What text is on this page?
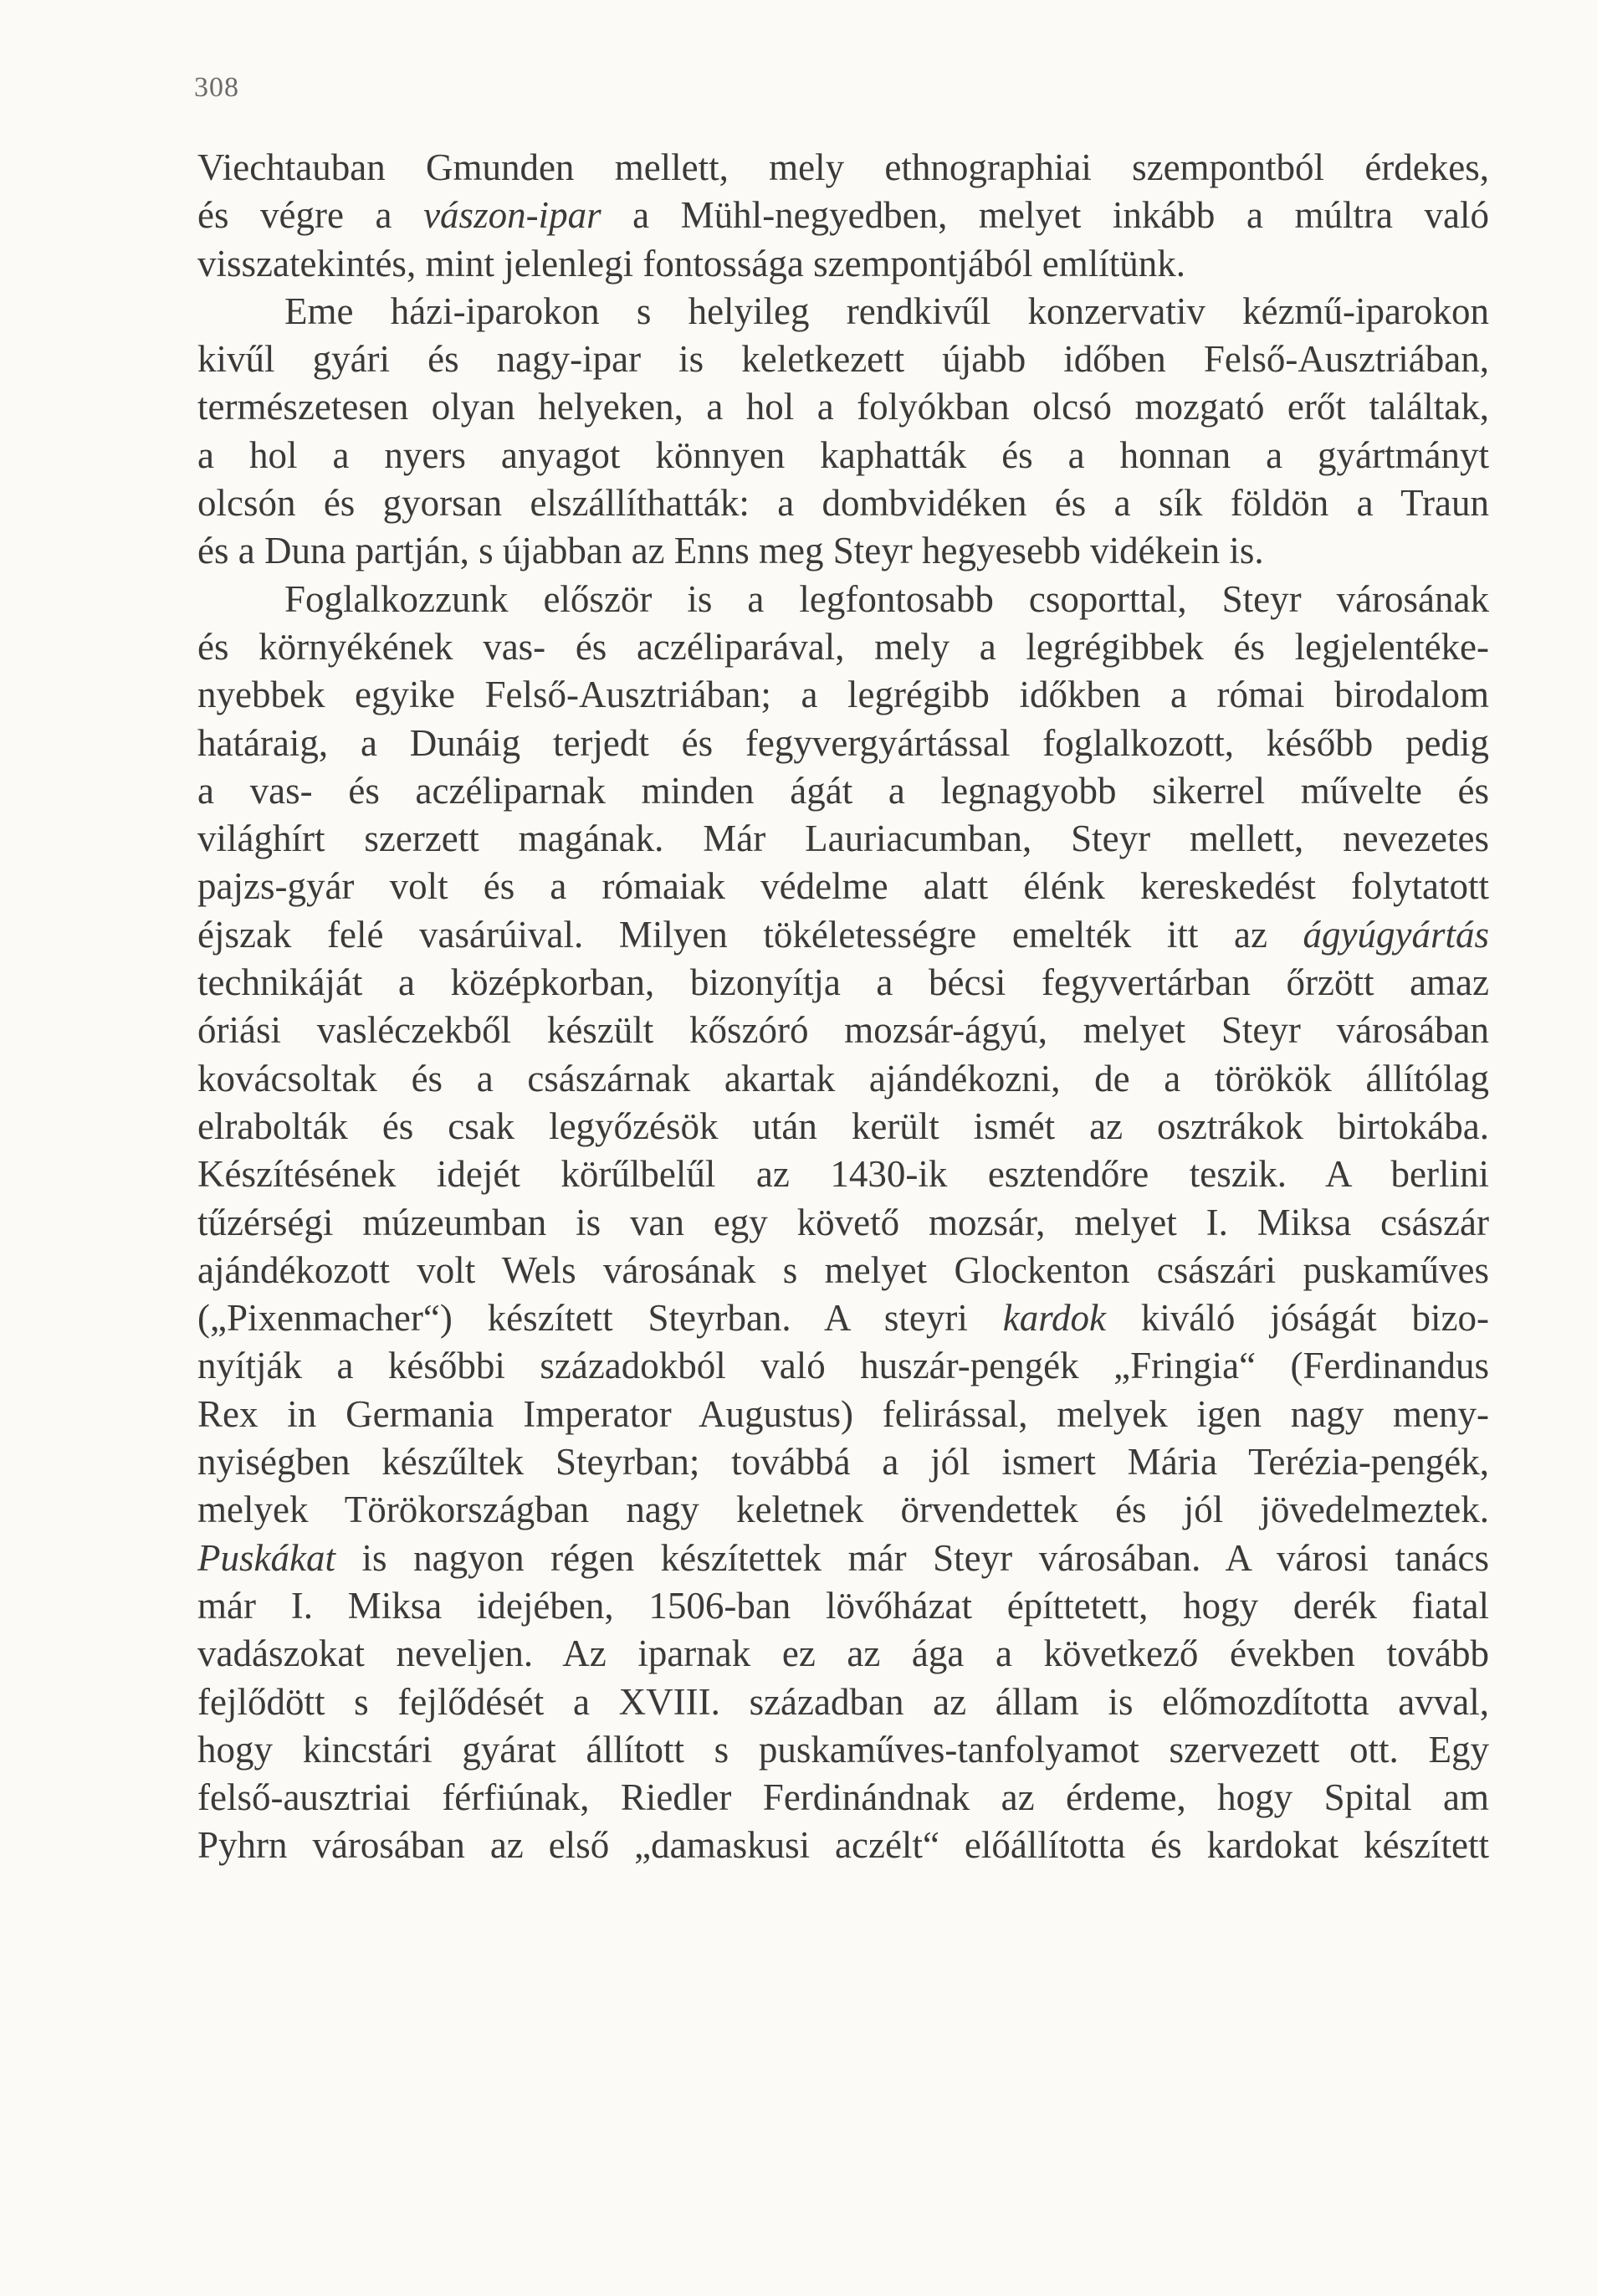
308
Viechtauban Gmunden mellett, mely ethnographiai szempontból érdekes,
és végre a vászon-ipar a Mühl-negyedben, melyet inkább a múltra való
visszatekintés, mint jelenlegi fontossága szempontjából említünk.
Eme házi-iparokon s helyileg rendkivűl konzervativ kézmű-iparokon
kivűl gyári és nagy-ipar is keletkezett újabb időben Felső-Ausztriában,
természetesen olyan helyeken, a hol a folyókban olcsó mozgató erőt találtak,
a hol a nyers anyagot könnyen kaphatták és a honnan a gyártmányt
olcsón és gyorsan elszállíthatták: a dombvidéken és a sík földön a Traun
és a Duna partján, s újabban az Enns meg Steyr hegyesebb vidékein is.
Foglalkozzunk először is a legfontosabb csoporttal, Steyr városának
és környékének vas- és aczéliparával, mely a legrégibbek és legjelentéke-
nyebbek egyike Felső-Ausztriában; a legrégibb időkben a római birodalom
határaig, a Dunáig terjedt és fegyvergyártással foglalkozott, később pedig
a vas- és aczéliparnak minden ágát a legnagyobb sikerrel művelte és
világhírt szerzett magának. Már Lauriacumban, Steyr mellett, nevezetes
pajzs-gyár volt és a rómaiak védelme alatt élénk kereskedést folytatott
éjszak felé vasárúival. Milyen tökéletességre emelték itt az ágyúgyártás
technikáját a középkorban, bizonyítja a bécsi fegyvertárban őrzött amaz
óriási vasléczekből készült kőszóró mozsár-ágyú, melyet Steyr városában
kovácsoltak és a császárnak akartak ajándékozni, de a törökök állítólag
elrabolták és csak legyőzésök után került ismét az osztrákok birtokába.
Készítésének idejét körűlbelűl az 1430-ik esztendőre teszik. A berlini
tűzérségi múzeumban is van egy követő mozsár, melyet I. Miksa császár
ajándékozott volt Wels városának s melyet Glockenton császári puskaműves
(„Pixenmacher“) készített Steyrban. A steyri kardok kiváló jóságát bizo-
nyítják a későbbi századokból való huszár-pengék „Fringia“ (Ferdinandus
Rex in Germania Imperator Augustus) felirással, melyek igen nagy meny-
nyiségben készűltek Steyrban; továbbá a jól ismert Mária Terézia-pengék,
melyek Törökországban nagy keletnek örvendettek és jól jövedelmeztek.
Puskákat is nagyon régen készítettek már Steyr városában. A városi tanács
már I. Miksa idejében, 1506-ban lövőházat építtetett, hogy derék fiatal
vadászokat neveljen. Az iparnak ez az ága a következő években tovább
fejlődött s fejlődését a XVIII. században az állam is előmozdította avval,
hogy kincstári gyárat állított s puskaműves-tanfolyamot szervezett ott. Egy
felső-ausztriai férfiúnak, Riedler Ferdinándnak az érdeme, hogy Spital am
Pyhrn városában az első „damaskusi aczélt“ előállította és kardokat készített
